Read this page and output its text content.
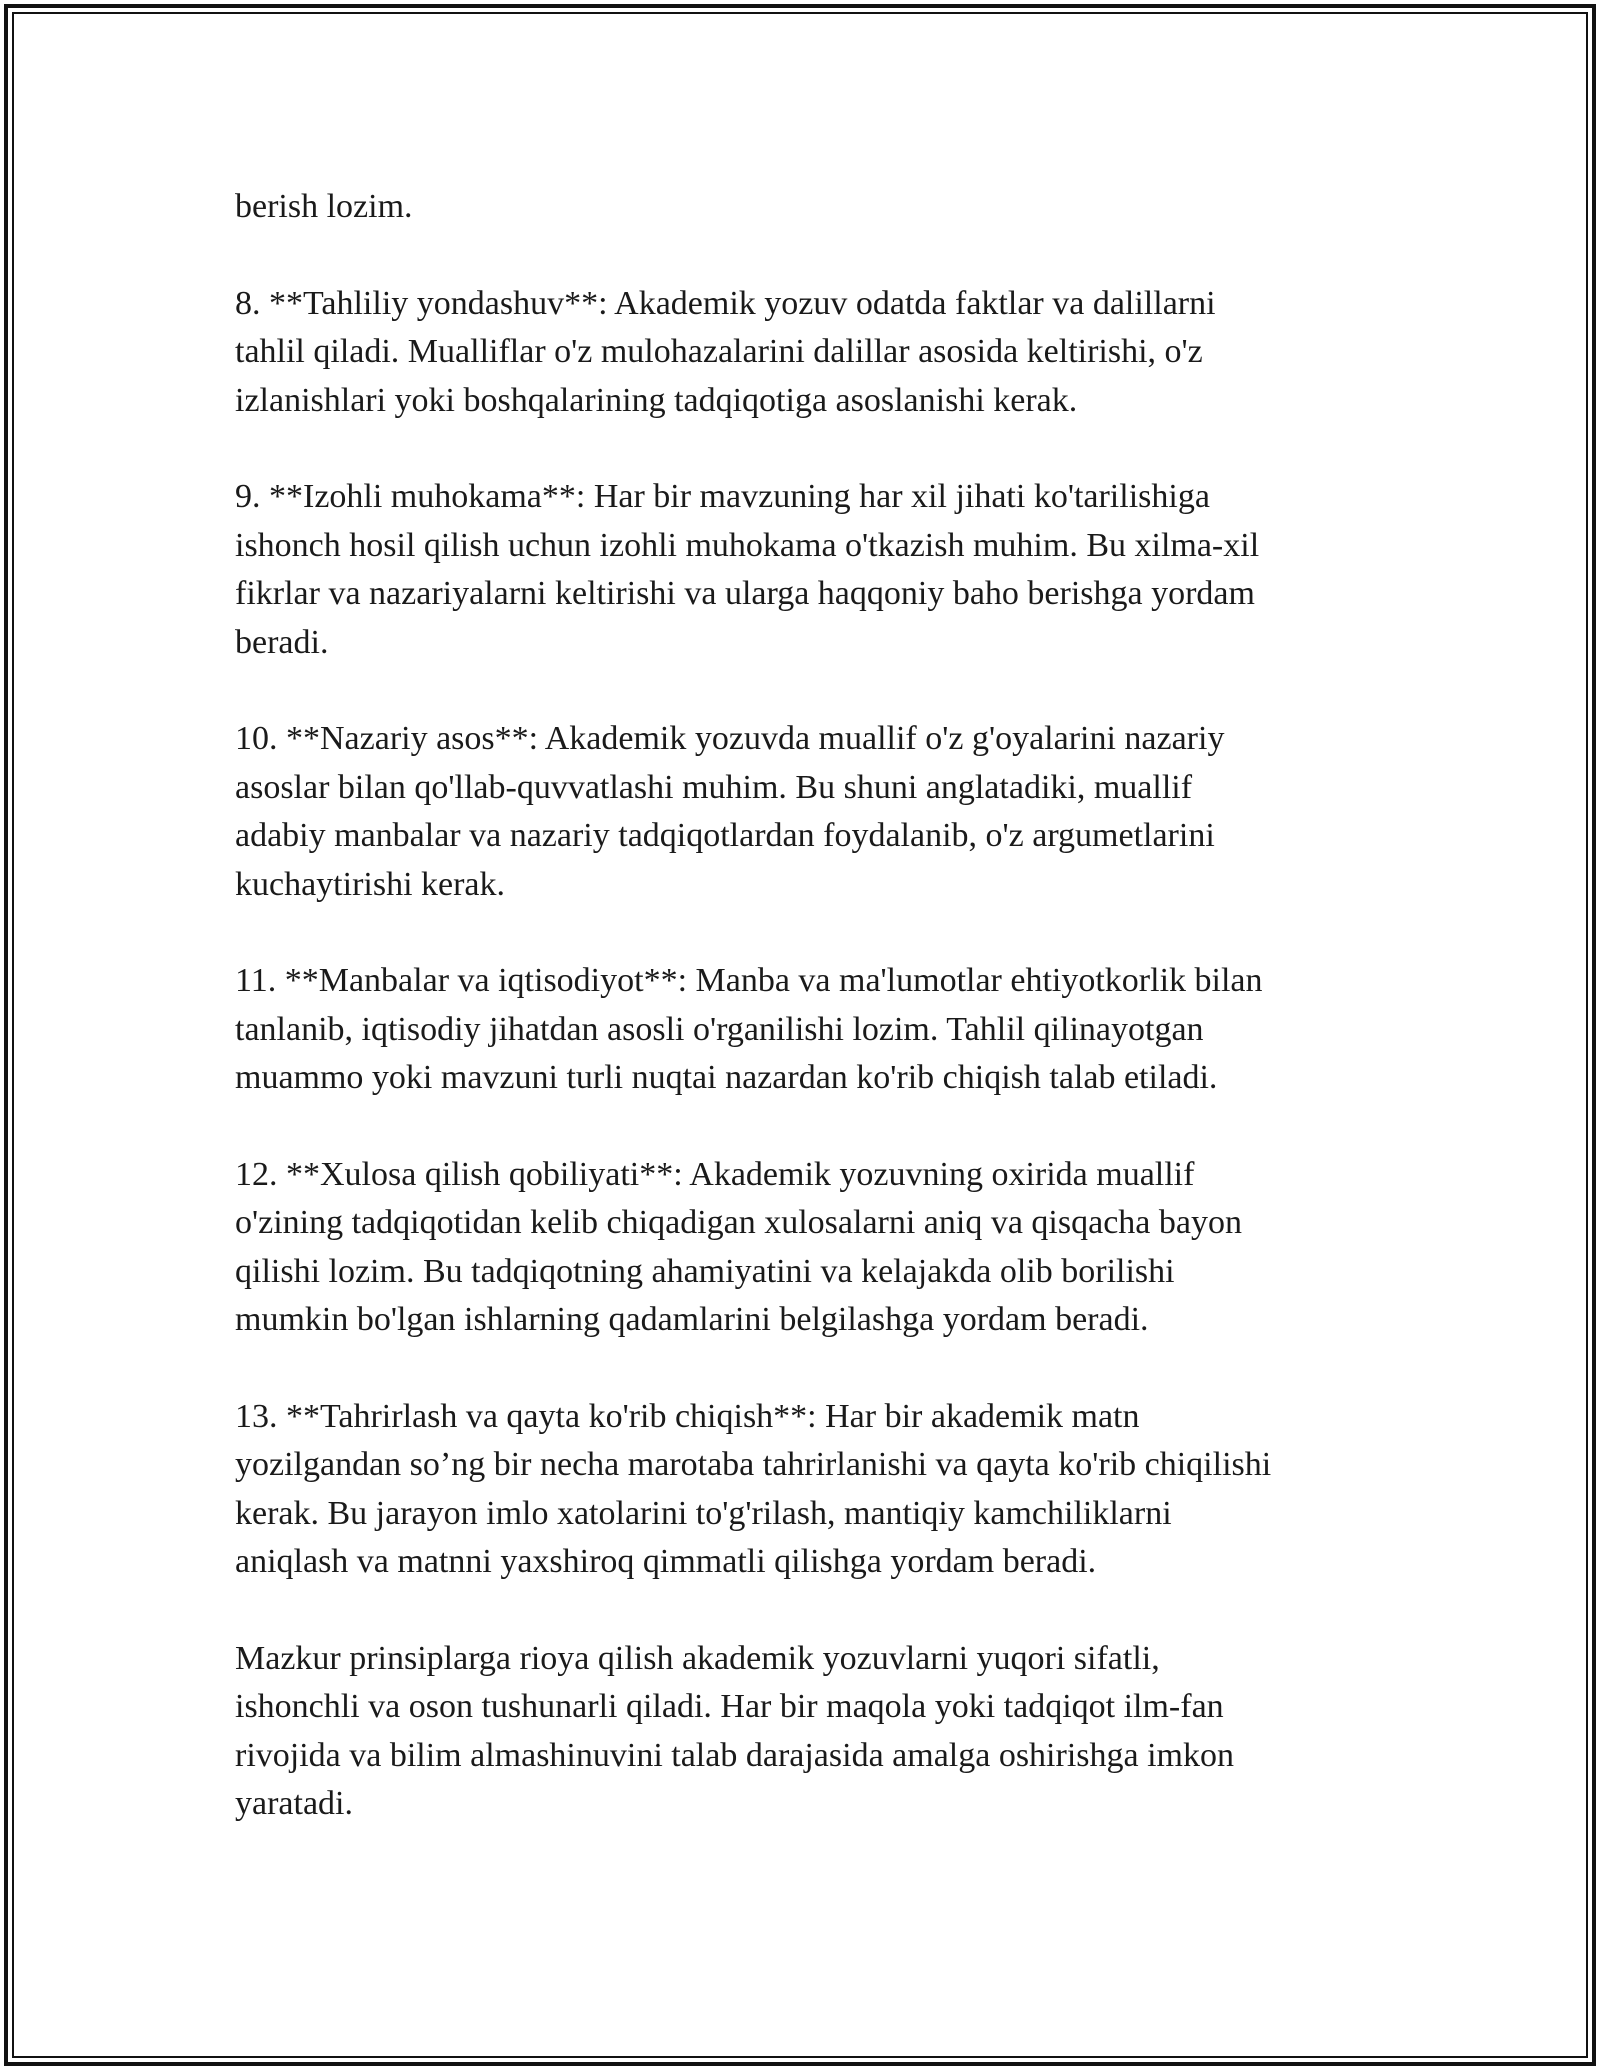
berish lozim.

8. **Tahliliy yondashuv**: Akademik yozuv odatda faktlar va dalillarni
tahlil qiladi. Mualliflar o'z mulohazalarini dalillar asosida keltirishi, o'z
izlanishlari yoki boshqalarining tadqiqotiga asoslanishi kerak.

9. **Izohli muhokama**: Har bir mavzuning har xil jihati ko'tarilishiga
ishonch hosil qilish uchun izohli muhokama o'tkazish muhim. Bu xilma-xil
fikrlar va nazariyalarni keltirishi va ularga haqqoniy baho berishga yordam
beradi.

10. **Nazariy asos**: Akademik yozuvda muallif o'z g'oyalarini nazariy
asoslar bilan qo'llab-quvvatlashi muhim. Bu shuni anglatadiki, muallif
adabiy manbalar va nazariy tadqiqotlardan foydalanib, o'z argumetlarini
kuchaytirishi kerak.

11. **Manbalar va iqtisodiyot**: Manba va ma'lumotlar ehtiyotkorlik bilan
tanlanib, iqtisodiy jihatdan asosli o'rganilishi lozim. Tahlil qilinayotgan
muammo yoki mavzuni turli nuqtai nazardan ko'rib chiqish talab etiladi.

12. **Xulosa qilish qobiliyati**: Akademik yozuvning oxirida muallif
o'zining tadqiqotidan kelib chiqadigan xulosalarni aniq va qisqacha bayon
qilishi lozim. Bu tadqiqotning ahamiyatini va kelajakda olib borilishi
mumkin bo'lgan ishlarning qadamlarini belgilashga yordam beradi.

13. **Tahrirlash va qayta ko'rib chiqish**: Har bir akademik matn
yozilgandan so’ng bir necha marotaba tahrirlanishi va qayta ko'rib chiqilishi
kerak. Bu jarayon imlo xatolarini to'g'rilash, mantiqiy kamchiliklarni
aniqlash va matnni yaxshiroq qimmatli qilishga yordam beradi.

Mazkur prinsiplarga rioya qilish akademik yozuvlarni yuqori sifatli,
ishonchli va oson tushunarli qiladi. Har bir maqola yoki tadqiqot ilm-fan
rivojida va bilim almashinuvini talab darajasida amalga oshirishga imkon
yaratadi.
